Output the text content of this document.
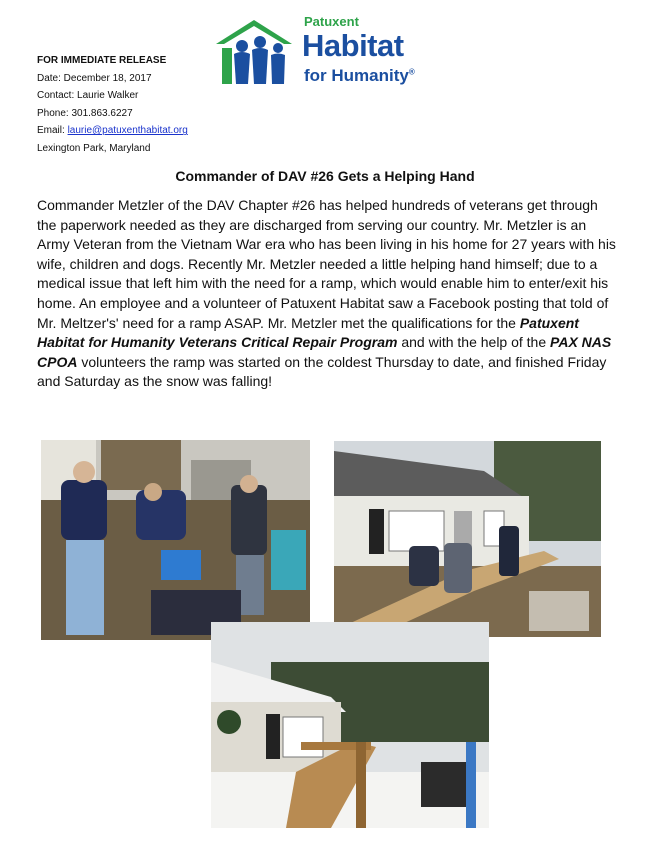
FOR IMMEDIATE RELEASE
Date: December 18, 2017
Contact: Laurie Walker
Phone: 301.863.6227
Email: laurie@patuxenthabitat.org
Lexington Park, Maryland
Patuxent
Habitat
for Humanity®
Commander of DAV #26 Gets a Helping Hand
Commander Metzler of the DAV Chapter #26 has helped hundreds of veterans get through the paperwork needed as they are discharged from serving our country. Mr. Metzler is an Army Veteran from the Vietnam War era who has been living in his home for 27 years with his wife, children and dogs. Recently Mr. Metzler needed a little helping hand himself; due to a medical issue that left him with the need for a ramp, which would enable him to enter/exit his home. An employee and a volunteer of Patuxent Habitat saw a Facebook posting that told of Mr. Meltzer's' need for a ramp ASAP. Mr. Metzler met the qualifications for the Patuxent Habitat for Humanity Veterans Critical Repair Program and with the help of the PAX NAS CPOA volunteers the ramp was started on the coldest Thursday to date, and finished Friday and Saturday as the snow was falling!
